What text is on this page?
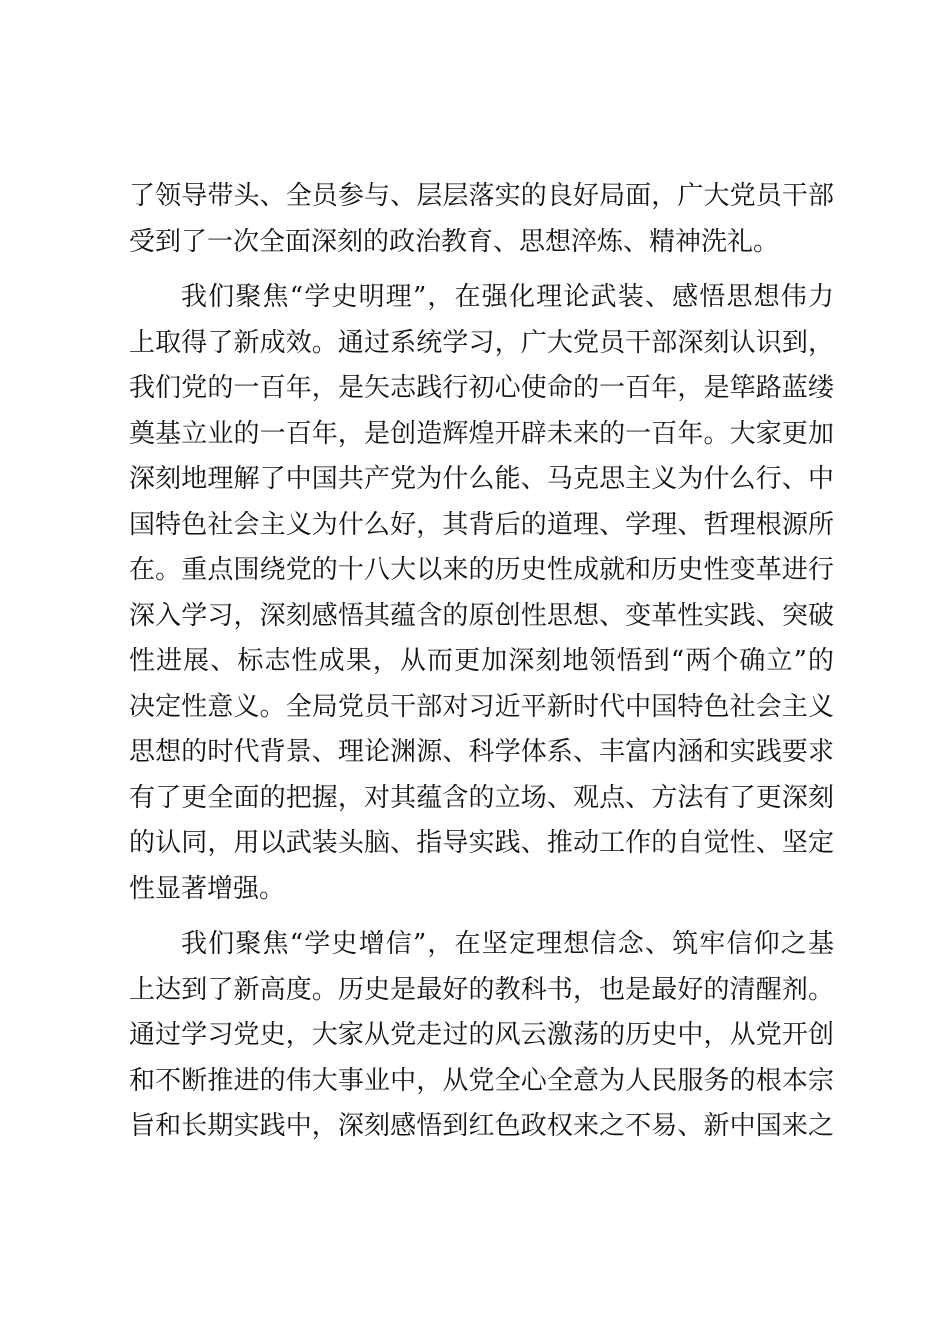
了领导带头、全员参与、层层落实的良好局面，广大党员干部
受到了一次全面深刻的政治教育、思想淬炼、精神洗礼。
我们聚焦“学史明理”，在强化理论武装、感悟思想伟力
上取得了新成效。通过系统学习，广大党员干部深刻认识到，
我们党的一百年，是矢志践行初心使命的一百年，是筚路蓝缕
奠基立业的一百年，是创造辉煌开辟未来的一百年。大家更加
深刻地理解了中国共产党为什么能、马克思主义为什么行、中
国特色社会主义为什么好，其背后的道理、学理、哲理根源所
在。重点围绕党的十八大以来的历史性成就和历史性变革进行
深入学习，深刻感悟其蕴含的原创性思想、变革性实践、突破
性进展、标志性成果，从而更加深刻地领悟到“两个确立”的
决定性意义。全局党员干部对习近平新时代中国特色社会主义
思想的时代背景、理论渊源、科学体系、丰富内涵和实践要求
有了更全面的把握，对其蕴含的立场、观点、方法有了更深刻
的认同，用以武装头脑、指导实践、推动工作的自觉性、坚定
性显著增强。
我们聚焦“学史增信”，在坚定理想信念、筑牢信仰之基
上达到了新高度。历史是最好的教科书，也是最好的清醒剂。
通过学习党史，大家从党走过的风云激荡的历史中，从党开创
和不断推进的伟大事业中，从党全心全意为人民服务的根本宗
旨和长期实践中，深刻感悟到红色政权来之不易、新中国来之
